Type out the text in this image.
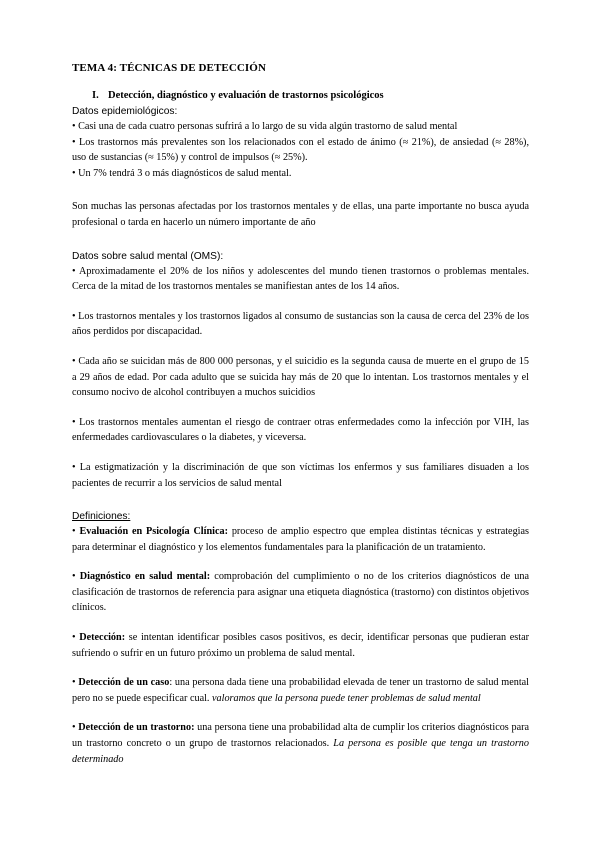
TEMA 4: TÉCNICAS DE DETECCIÓN
I. Detección, diagnóstico y evaluación de trastornos psicológicos
Datos epidemiológicos:

• Casi una de cada cuatro personas sufrirá a lo largo de su vida algún trastorno de salud mental

• Los trastornos más prevalentes son los relacionados con el estado de ánimo (≈ 21%), de ansiedad (≈ 28%), uso de sustancias (≈ 15%) y control de impulsos (≈ 25%).

• Un 7% tendrá 3 o más diagnósticos de salud mental.

Son muchas las personas afectadas por los trastornos mentales y de ellas, una parte importante no busca ayuda profesional o tarda en hacerlo un número importante de año

Datos sobre salud mental (OMS):

• Aproximadamente el 20% de los niños y adolescentes del mundo tienen trastornos o problemas mentales. Cerca de la mitad de los trastornos mentales se manifiestan antes de los 14 años.

• Los trastornos mentales y los trastornos ligados al consumo de sustancias son la causa de cerca del 23% de los años perdidos por discapacidad.

• Cada año se suicidan más de 800 000 personas, y el suicidio es la segunda causa de muerte en el grupo de 15 a 29 años de edad. Por cada adulto que se suicida hay más de 20 que lo intentan. Los trastornos mentales y el consumo nocivo de alcohol contribuyen a muchos suicidios

• Los trastornos mentales aumentan el riesgo de contraer otras enfermedades como la infección por VIH, las enfermedades cardiovasculares o la diabetes, y viceversa.

• La estigmatización y la discriminación de que son víctimas los enfermos y sus familiares disuaden a los pacientes de recurrir a los servicios de salud mental

Definiciones:

• Evaluación en Psicología Clínica: proceso de amplio espectro que emplea distintas técnicas y estrategias para determinar el diagnóstico y los elementos fundamentales para la planificación de un tratamiento.

• Diagnóstico en salud mental: comprobación del cumplimiento o no de los criterios diagnósticos de una clasificación de trastornos de referencia para asignar una etiqueta diagnóstica (trastorno) con distintos objetivos clínicos.

• Detección: se intentan identificar posibles casos positivos, es decir, identificar personas que pudieran estar sufriendo o sufrir en un futuro próximo un problema de salud mental.

• Detección de un caso: una persona dada tiene una probabilidad elevada de tener un trastorno de salud mental pero no se puede especificar cual. valoramos que la persona puede tener problemas de salud mental

• Detección de un trastorno: una persona tiene una probabilidad alta de cumplir los criterios diagnósticos para un trastorno concreto o un grupo de trastornos relacionados. La persona es posible que tenga un trastorno determinado
